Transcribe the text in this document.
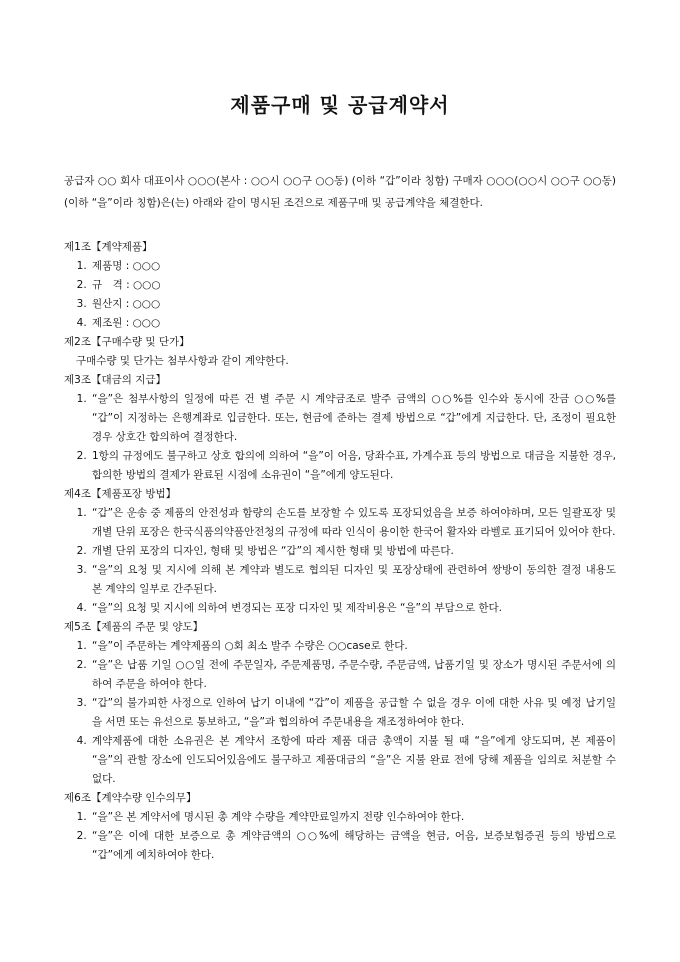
제품구매 및 공급계약서

공급자 ○○ 회사 대표이사 ○○○(본사 : ○○시 ○○구 ○○동) (이하 “갑”이라 칭함) 구매자 ○○○(○○시 ○○구 ○○동) (이하 “을”이라 칭함)은(는) 아래와 같이 명시된 조건으로 제품구매 및 공급계약을 체결한다.

제1조【계약제품】

1. 제품명 : ○○○
2. 규　격 : ○○○
3. 원산지 : ○○○
4. 제조원 : ○○○

제2조【구매수량 및 단가】

구매수량 및 단가는 첨부사항과 같이 계약한다.

제3조【대금의 지급】

1. “을”은 첨부사항의 일정에 따른 건 별 주문 시 계약금조로 발주 금액의 ○○%를 인수와 동시에 잔금 ○○%를 “갑”이 지정하는 은행계좌로 입금한다. 또는, 현금에 준하는 결제 방법으로 “갑”에게 지급한다. 단, 조정이 필요한 경우 상호간 합의하여 결정한다.
2. 1항의 규정에도 불구하고 상호 합의에 의하여 “을”이 어음, 당좌수표, 가계수표 등의 방법으로 대금을 지불한 경우, 합의한 방법의 결제가 완료된 시점에 소유권이 “을”에게 양도된다.

제4조【제품포장 방법】

1. “갑”은 운송 중 제품의 안전성과 함량의 손도를 보장할 수 있도록 포장되었음을 보증 하여야하며, 모든 일괄포장 및 개별 단위 포장은 한국식품의약품안전청의 규정에 따라 인식이 용이한 한국어 활자와 라벨로 표기되어 있어야 한다.
2. 개별 단위 포장의 디자인, 형태 및 방법은 “갑”의 제시한 형태 및 방법에 따른다.
3. “을”의 요청 및 지시에 의해 본 계약과 별도로 협의된 디자인 및 포장상태에 관련하여 쌍방이 동의한 결정 내용도 본 계약의 일부로 간주된다.
4. “을”의 요청 및 지시에 의하여 변경되는 포장 디자인 및 제작비용은 “을”의 부담으로 한다.

제5조【제품의 주문 및 양도】

1. “을”이 주문하는 계약제품의 ○회 최소 발주 수량은 ○○case로 한다.
2. “을”은 납품 기일 ○○일 전에 주문일자, 주문제품명, 주문수량, 주문금액, 납품기일 및 장소가 명시된 주문서에 의하여 주문을 하여야 한다.
3. “갑”의 불가피한 사정으로 인하여 납기 이내에 “갑”이 제품을 공급할 수 없을 경우 이에 대한 사유 및 예정 납기일을 서면 또는 유선으로 통보하고, “을”과 협의하여 주문내용을 재조정하여야 한다.
4. 계약제품에 대한 소유권은 본 계약서 조항에 따라 제품 대금 총액이 지불 될 때 “을”에게 양도되며, 본 제품이 “을”의 관할 장소에 인도되어있음에도 불구하고 제품대금의 “을”은 지불 완료 전에 당해 제품을 임의로 처분할 수 없다.

제6조【계약수량 인수의무】

1. “을”은 본 계약서에 명시된 총 계약 수량을 계약만료일까지 전량 인수하여야 한다.
2. “을”은 이에 대한 보증으로 총 계약금액의 ○○%에 해당하는 금액을 현금, 어음, 보증보험증권 등의 방법으로 “갑”에게 예치하여야 한다.
